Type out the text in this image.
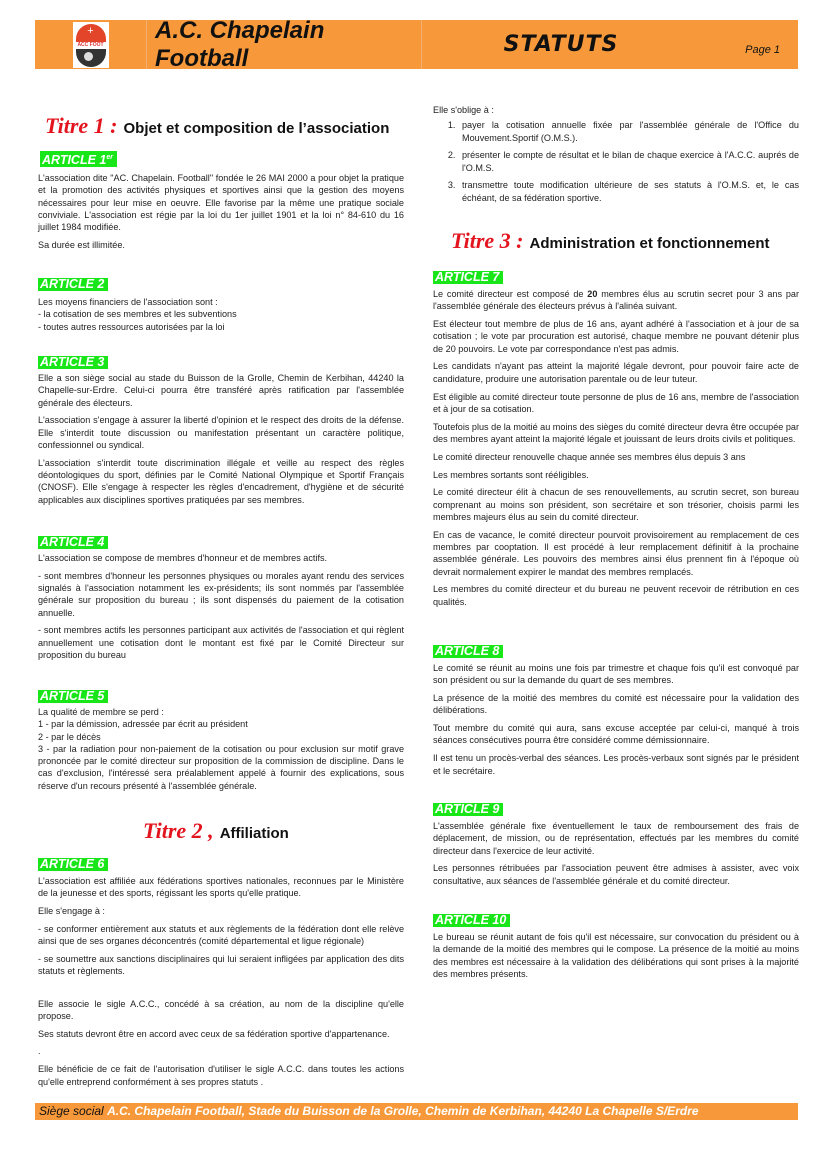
+
ACC FOOT
A.C. Chapelain Football	STATUTS	Page 1
Titre 1 : Objet et composition de l’association
ARTICLE 1er

L'association dite "AC. Chapelain. Football" fondée le 26 MAI 2000 a pour objet la pratique et la promotion des activités physiques et sportives ainsi que la gestion des moyens nécessaires pour leur mise en oeuvre. Elle favorise par la même une pratique sociale conviviale. L'association est régie par la loi du 1er juillet 1901 et la loi n° 84-610 du 16 juillet 1984 modifiée.

Sa durée est illimitée.

ARTICLE 2

Les moyens financiers de l'association sont :

- la cotisation de ses membres et les subventions

- toutes autres ressources autorisées par la loi

ARTICLE 3

Elle a son siège social au stade du Buisson de la Grolle, Chemin de Kerbihan, 44240 la Chapelle-sur-Erdre. Celui-ci pourra être transféré après ratification par l'assemblée générale des électeurs.

L'association s'engage à assurer la liberté d'opinion et le respect des droits de la défense. Elle s'interdit toute discussion ou manifestation présentant un caractère politique, confessionnel ou syndical.

L'association s'interdit toute discrimination illégale et veille au respect des règles déontologiques du sport, définies par le Comité National Olympique et Sportif Français (CNOSF). Elle s'engage à respecter les règles d'encadrement, d'hygiène et de sécurité applicables aux disciplines sportives pratiquées par ses membres.

ARTICLE 4

L'association se compose de membres d'honneur et de membres actifs.

- sont membres d'honneur les personnes physiques ou morales ayant rendu des services signalés à l'association notamment les ex-présidents; ils sont nommés par l'assemblée générale sur proposition du bureau ; ils sont dispensés du paiement de la cotisation annuelle.

- sont membres actifs les personnes participant aux activités de l'association et qui règlent annuellement une cotisation dont le montant est fixé par le Comité Directeur sur proposition du bureau

ARTICLE 5

La qualité de membre se perd :

1 - par la démission, adressée par écrit au président

2 - par le décès

3 - par la radiation pour non-paiement de la cotisation ou pour exclusion sur motif grave prononcée par le comité directeur sur proposition de la commission de discipline. Dans le cas d'exclusion, l'intéressé sera préalablement appelé à fournir des explications, sous réserve d'un recours présenté à l'assemblée générale.

Titre 2 , Affiliation
ARTICLE 6

L'association est affiliée aux fédérations sportives nationales, reconnues par le Ministère de la jeunesse et des sports, régissant les sports qu'elle pratique.

Elle s'engage à :

- se conformer entièrement aux statuts et aux règlements de la fédération dont elle relève ainsi que de ses organes déconcentrés (comité départemental et ligue régionale)

- se soumettre aux sanctions disciplinaires qui lui seraient infligées par application des dits statuts et règlements.

Elle associe le sigle A.C.C., concédé à sa création, au nom de la discipline qu'elle propose.

Ses statuts devront être en accord avec ceux de sa fédération sportive d'appartenance.

.

Elle bénéficie de ce fait de l'autorisation d'utiliser le sigle A.C.C. dans toutes les actions qu'elle entreprend conformément à ses propres statuts .

Elle s'oblige à :

1. payer la cotisation annuelle fixée par l'assemblée générale de l'Office du Mouvement.Sportif (O.M.S.).
2. présenter le compte de résultat et le bilan de chaque exercice à l'A.C.C. auprés de l'O.M.S.
3. transmettre toute modification ultérieure de ses statuts à l'O.M.S. et, le cas échéant, de sa fédération sportive.
Titre 3 : Administration et fonctionnement
ARTICLE 7

Le comité directeur est composé de 20 membres élus au scrutin secret pour 3 ans par l'assemblée générale des électeurs prévus à l'alinéa suivant.

Est électeur tout membre de plus de 16 ans, ayant adhéré à l'association et à jour de sa cotisation ; le vote par procuration est autorisé, chaque membre ne pouvant détenir plus de 20 pouvoirs. Le vote par correspondance n'est pas admis.

Les candidats n'ayant pas atteint la majorité légale devront, pour pouvoir faire acte de candidature, produire une autorisation parentale ou de leur tuteur.

Est éligible au comité directeur toute personne de plus de 16 ans, membre de l'association et à jour de sa cotisation.

Toutefois plus de la moitié au moins des sièges du comité directeur devra être occupée par des membres ayant atteint la majorité légale et jouissant de leurs droits civils et politiques.

Le comité directeur renouvelle chaque année ses membres élus depuis 3 ans

Les membres sortants sont rééligibles.

Le comité directeur élit à chacun de ses renouvellements, au scrutin secret, son bureau comprenant au moins son président, son secrétaire et son trésorier, choisis parmi les membres majeurs élus au sein du comité directeur.

En cas de vacance, le comité directeur pourvoit provisoirement au remplacement de ces membres par cooptation. Il est procédé à leur remplacement définitif à la prochaine assemblée générale. Les pouvoirs des membres ainsi élus prennent fin à l'époque où devrait normalement expirer le mandat des membres remplacés.

Les membres du comité directeur et du bureau ne peuvent recevoir de rétribution en ces qualités.

ARTICLE 8

Le comité se réunit au moins une fois par trimestre et chaque fois qu'il est convoqué par son président ou sur la demande du quart de ses membres.

La présence de la moitié des membres du comité est nécessaire pour la validation des délibérations.

Tout membre du comité qui aura, sans excuse acceptée par celui-ci, manqué à trois séances consécutives pourra être considéré comme démissionnaire.

Il est tenu un procès-verbal des séances. Les procès-verbaux sont signés par le président et le secrétaire.

ARTICLE 9

L'assemblée générale fixe éventuellement le taux de remboursement des frais de déplacement, de mission, ou de représentation, effectués par les membres du comité directeur dans l'exercice de leur activité.

Les personnes rétribuées par l'association peuvent être admises à assister, avec voix consultative, aux séances de l'assemblée générale et du comité directeur.

ARTICLE 10

Le bureau se réunit autant de fois qu'il est nécessaire, sur convocation du président ou à la demande de la moitié des membres qui le compose. La présence de la moitié au moins des membres est nécessaire à la validation des délibérations qui sont prises à la majorité des membres présents.

Siège social A.C. Chapelain Football, Stade du Buisson de la Grolle, Chemin de Kerbihan, 44240 La Chapelle S/Erdre
